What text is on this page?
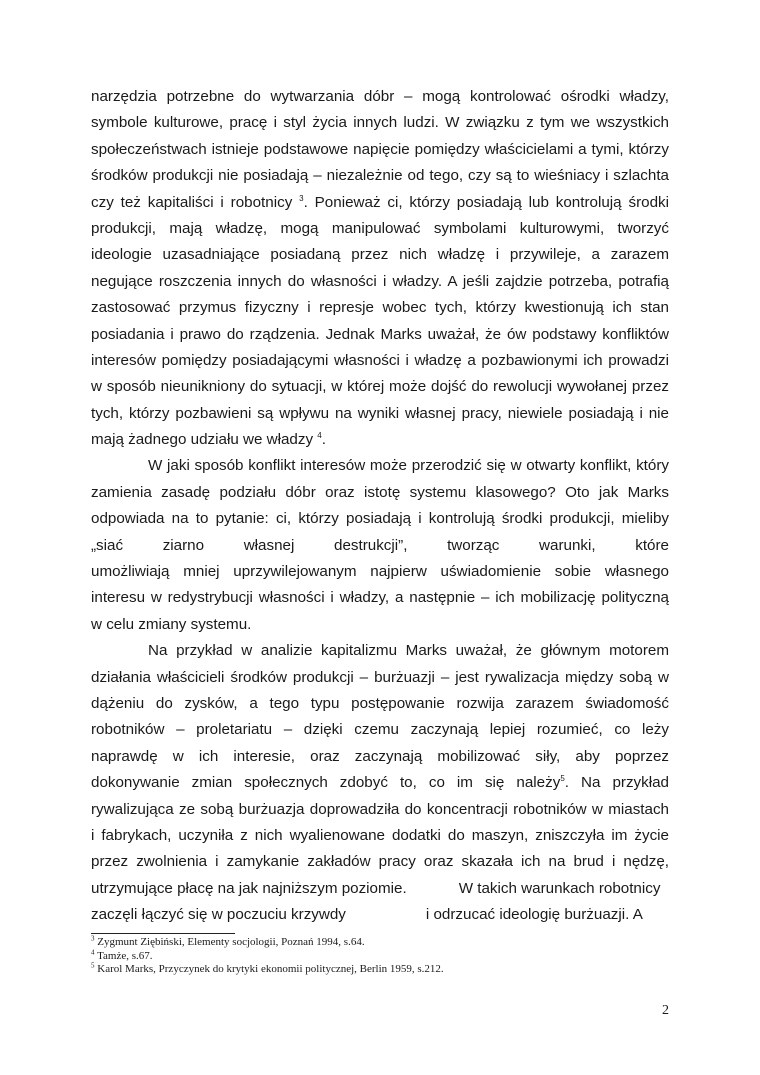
narzędzia potrzebne do wytwarzania dóbr – mogą kontrolować ośrodki władzy,
symbole kulturowe, pracę i styl życia innych ludzi. W związku z tym we wszystkich
społeczeństwach istnieje podstawowe napięcie pomiędzy właścicielami a tymi, którzy
środków produkcji nie posiadają – niezależnie od tego, czy są to wieśniacy i szlachta
czy też kapitaliści i robotnicy $^3$. Ponieważ ci, którzy posiadają lub kontrolują środki
produkcji, mają władzę, mogą manipulować symbolami kulturowymi, tworzyć
ideologie uzasadniające posiadaną przez nich władzę i przywileje, a zarazem
negujące roszczenia innych do własności i władzy. A jeśli zajdzie potrzeba, potrafią
zastosować przymus fizyczny i represje wobec tych, którzy kwestionują ich stan
posiadania i prawo do rządzenia. Jednak Marks uważał, że ów podstawy konfliktów
interesów pomiędzy posiadającymi własności i władzę a pozbawionymi ich prowadzi
w sposób nieunikniony do sytuacji, w której może dojść do rewolucji wywołanej przez
tych, którzy pozbawieni są wpływu na wyniki własnej pracy, niewiele posiadają i nie
mają żadnego udziału we władzy $^4$.
W jaki sposób konflikt interesów może przerodzić się w otwarty konflikt, który
zamienia zasadę podziału dóbr oraz istotę systemu klasowego? Oto jak Marks
odpowiada na to pytanie: ci, którzy posiadają i kontrolują środki produkcji, mieliby
„siać ziarno własnej destrukcji”, tworząc warunki, które
umożliwiają mniej uprzywilejowanym najpierw uświadomienie sobie własnego
interesu w redystrybucji własności i władzy, a następnie – ich mobilizację polityczną
w celu zmiany systemu.
Na przykład w analizie kapitalizmu Marks uważał, że głównym motorem
działania właścicieli środków produkcji – burżuazji – jest rywalizacja między sobą w
dążeniu do zysków, a tego typu postępowanie rozwija zarazem świadomość
robotników – proletariatu – dzięki czemu zaczynają lepiej rozumieć, co leży
naprawdę w ich interesie, oraz zaczynają mobilizować siły, aby poprzez
dokonywanie zmian społecznych zdobyć to, co im się należy$^5$. Na przykład
rywalizująca ze sobą burżuazja doprowadziła do koncentracji robotników w miastach
i fabrykach, uczyniła z nich wyalienowane dodatki do maszyn, zniszczyła im życie
przez zwolnienia i zamykanie zakładów pracy oraz skazała ich na brud i nędzę,
utrzymujące płacę na jak najniższym poziomie.	W takich warunkach robotnicy
zaczęli łączyć się w poczuciu krzywdy	i odrzucać ideologię burżuazji. A
$^3$ Zygmunt Ziębiński, Elementy socjologii, Poznań 1994, s.64.
$^4$ Tamże, s.67.
$^5$ Karol Marks, Przyczynek do krytyki ekonomii politycznej, Berlin 1959, s.212.
2
